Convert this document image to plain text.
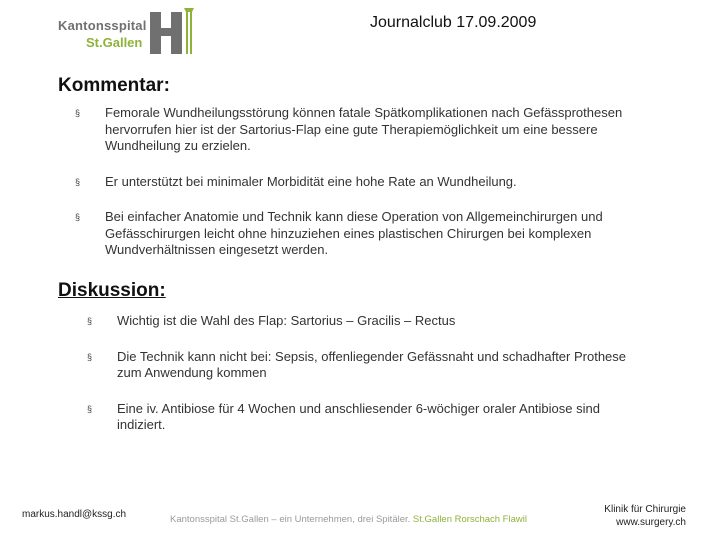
Kantonsspital
St.Gallen
Journalclub 17.09.2009
Kommentar:
§ Femorale Wundheilungsstörung können fatale Spätkomplikationen nach Gefässprothesen hervorrufen hier ist der Sartorius-Flap eine gute Therapiemöglichkeit um eine bessere Wundheilung zu erzielen.
§ Er unterstützt bei minimaler Morbidität eine hohe Rate an Wundheilung.
§ Bei einfacher Anatomie und Technik kann diese Operation von Allgemeinchirurgen und Gefässchirurgen leicht ohne hinzuziehen eines plastischen Chirurgen bei komplexen Wundverhältnissen eingesetzt werden.
Diskussion:
§ Wichtig ist die Wahl des Flap: Sartorius – Gracilis – Rectus
§ Die Technik kann nicht bei: Sepsis, offenliegender Gefässnaht und schadhafter Prothese zum Anwendung kommen
§ Eine iv. Antibiose für 4 Wochen und anschliesender 6-wöchiger oraler Antibiose sind indiziert.
markus.handl@kssg.ch	Kantonsspital St.Gallen – ein Unternehmen, drei Spitäler. St.Gallen Rorschach Flawil
Klinik für Chirurgie
www.surgery.ch
